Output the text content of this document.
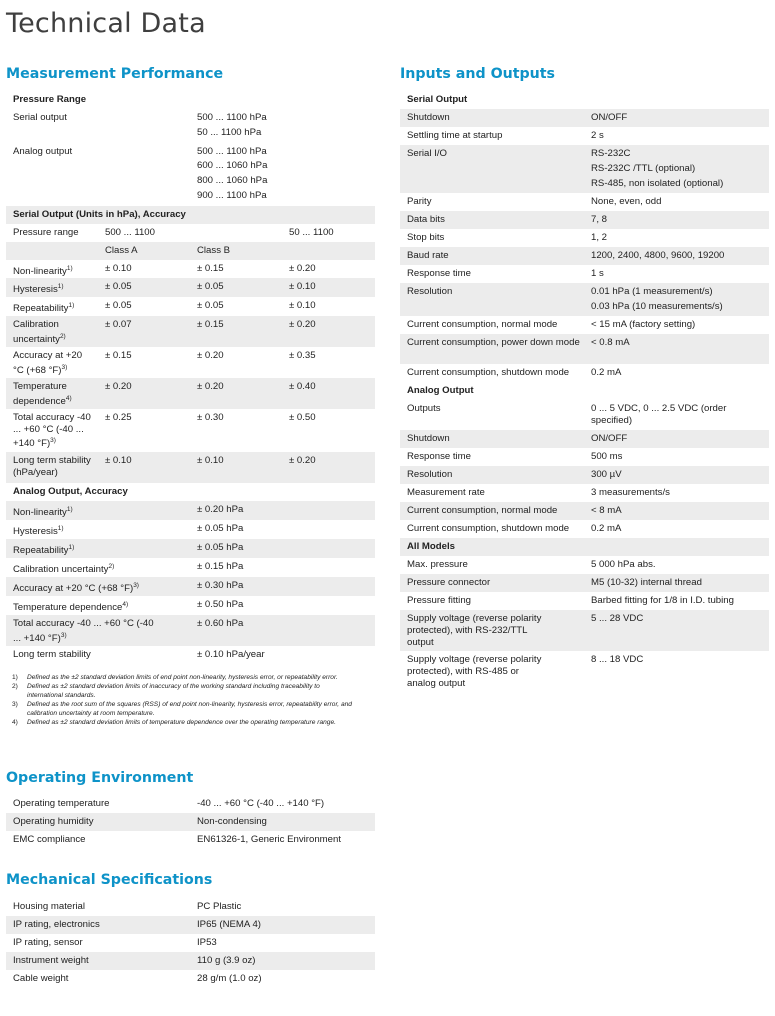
Technical Data
Measurement Performance
Pressure Range			
Serial output		500 ... 1100 hPa
50 ... 1100 hPa	

Analog output		500 ... 1100 hPa
600 ... 1060 hPa
800 ... 1060 hPa
900 ... 1100 hPa	

Serial Output (Units in hPa), Accuracy			
Pressure range	500 ... 1100		50 ... 1100
	Class A	Class B	
Non-linearity$^{1)}$	± 0.10	± 0.15	± 0.20
Hysteresis$^{1)}$	± 0.05	± 0.05	± 0.10
Repeatability$^{1)}$	± 0.05	± 0.05	± 0.10
Calibration uncertainty$^{2)}$	± 0.07	± 0.15	± 0.20
Accuracy at +20 °C (+68 °F)$^{3)}$	± 0.15	± 0.20	± 0.35
Temperature dependence$^{4)}$	± 0.20	± 0.20	± 0.40
Total accuracy -40 ... +60 °C (-40 ... +140 °F)$^{3)}$	± 0.25	± 0.30	± 0.50
Long term stability (hPa/year)	± 0.10	± 0.10	± 0.20
Analog Output, Accuracy			

Non-linearity$^{1)}$		± 0.20 hPa	

Hysteresis$^{1)}$		± 0.05 hPa	

Repeatability$^{1)}$		± 0.05 hPa	

Calibration uncertainty$^{2)}$		± 0.15 hPa	

Accuracy at +20 °C (+68 °F)$^{3)}$		± 0.30 hPa	

Temperature dependence$^{4)}$		± 0.50 hPa	

Total accuracy -40 ... +60 °C (-40 ... +140 °F)$^{3)}$		± 0.60 hPa	

Long term stability		± 0.10 hPa/year	
1)	Defined as the ±2 standard deviation limits of end point non-linearity, hysteresis error, or repeatability error.
2)	Defined as ±2 standard deviation limits of inaccuracy of the working standard including traceability to international standards.
3)	Defined as the root sum of the squares (RSS) of end point non-linearity, hysteresis error, repeatability error, and calibration uncertainty at room temperature.
4)	Defined as ±2 standard deviation limits of temperature dependence over the operating temperature range.
Operating Environment
Operating temperature	-40 ... +60 °C (-40 ... +140 °F)
Operating humidity	Non-condensing
EMC compliance	EN61326-1, Generic Environment
Mechanical Specifications
Housing material	PC Plastic
IP rating, electronics	IP65 (NEMA 4)
IP rating, sensor	IP53
Instrument weight	110 g (3.9 oz)
Cable weight	28 g/m (1.0 oz)
Inputs and Outputs
Serial Output	
Shutdown	ON/OFF

Settling time at startup	2 s

Serial I/O	RS-232C
RS-232C /TTL (optional)
RS-485, non isolated (optional)

Parity	None, even, odd

Data bits	7, 8

Stop bits	1, 2

Baud rate	1200, 2400, 4800, 9600, 19200

Response time	1 s

Resolution	0.01 hPa (1 measurement/s)
0.03 hPa (10 measurements/s)

Current consumption, normal mode	< 15 mA (factory setting)

Current consumption, power down mode	< 0.8 mA

Current consumption, shutdown mode	0.2 mA

Analog Output	

Outputs	0 ... 5 VDC, 0 ... 2.5 VDC (order specified)

Shutdown	ON/OFF

Response time	500 ms

Resolution	300 µV

Measurement rate	3 measurements/s

Current consumption, normal mode	< 8 mA

Current consumption, shutdown mode	0.2 mA

All Models	

Max. pressure	5 000 hPa abs.

Pressure connector	M5 (10-32) internal thread

Pressure fitting	Barbed fitting for 1/8 in I.D. tubing

Supply voltage (reverse polarity protected), with RS-232/TTL output	5 ... 28 VDC

Supply voltage (reverse polarity protected), with RS-485 or analog output	8 ... 18 VDC
